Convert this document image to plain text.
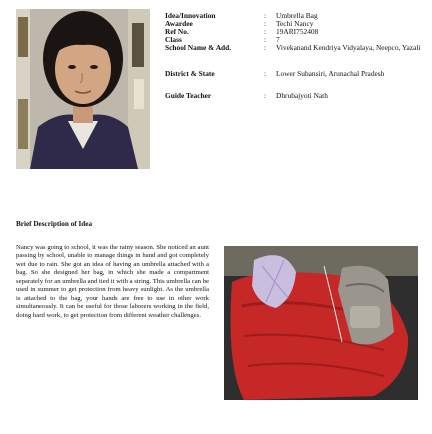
Idea/Innovation	:	Umbrella Bag
Awardee	:	Techi Nancy
Ref No.	:	19ARI752408
Class	:	7
School Name & Add.	:	Vivekanand Kendriya Vidyalaya, Neepco, Yazali
District & State	:	Lower Subansiri, Arunachal Pradesh
Guide Teacher	:	Dhrubajyoti Nath
Brief Description of Idea
Nancy was going to school, it was the rainy season. She noticed an aunt passing by school, unable to manage things in hand and got completely wet due to rain. She got an idea of having an umbrella attached with a bag. So she designed her bag, in which she made a compartment separately for an umbrella and tied it with a string. This umbrella can be used in summer to get protection from heavy sunlight. As the umbrella is attached to the bag, your hands are free to use in other work simultaneously. It can be useful for those laborers working in the field, doing hard work, to get protection from different weather challenges.
